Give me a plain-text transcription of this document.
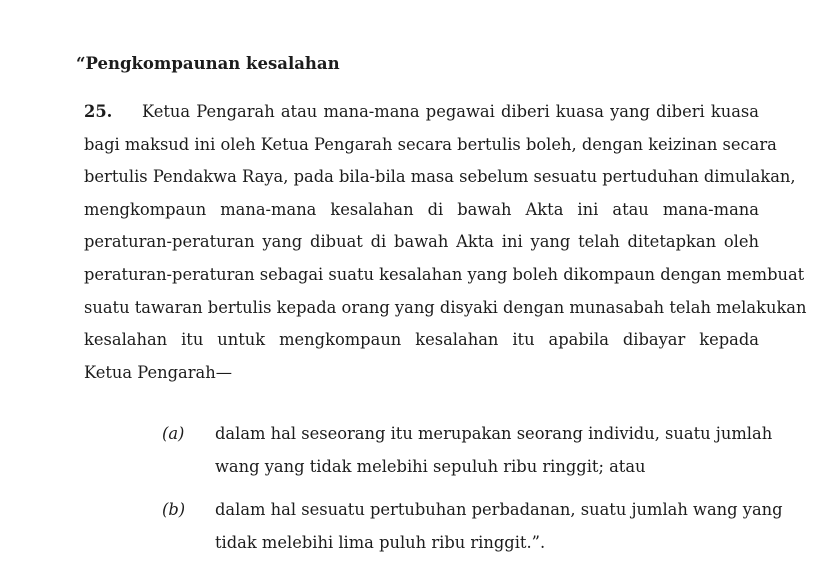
“Pengkompaunan kesalahan
25. Ketua Pengarah atau mana-mana pegawai diberi kuasa yang diberi kuasa
bagi maksud ini oleh Ketua Pengarah secara bertulis boleh, dengan keizinan secara
bertulis Pendakwa Raya, pada bila-bila masa sebelum sesuatu pertuduhan dimulakan,
mengkompaun mana-mana kesalahan di bawah Akta ini atau mana-mana
peraturan-peraturan yang dibuat di bawah Akta ini yang telah ditetapkan oleh
peraturan-peraturan sebagai suatu kesalahan yang boleh dikompaun dengan membuat
suatu tawaran bertulis kepada orang yang disyaki dengan munasabah telah melakukan
kesalahan itu untuk mengkompaun kesalahan itu apabila dibayar kepada
Ketua Pengarah—
(a)	dalam hal seseorang itu merupakan seorang individu, suatu jumlah
wang yang tidak melebihi sepuluh ribu ringgit; atau
(b)	dalam hal sesuatu pertubuhan perbadanan, suatu jumlah wang yang
tidak melebihi lima puluh ribu ringgit.”.
